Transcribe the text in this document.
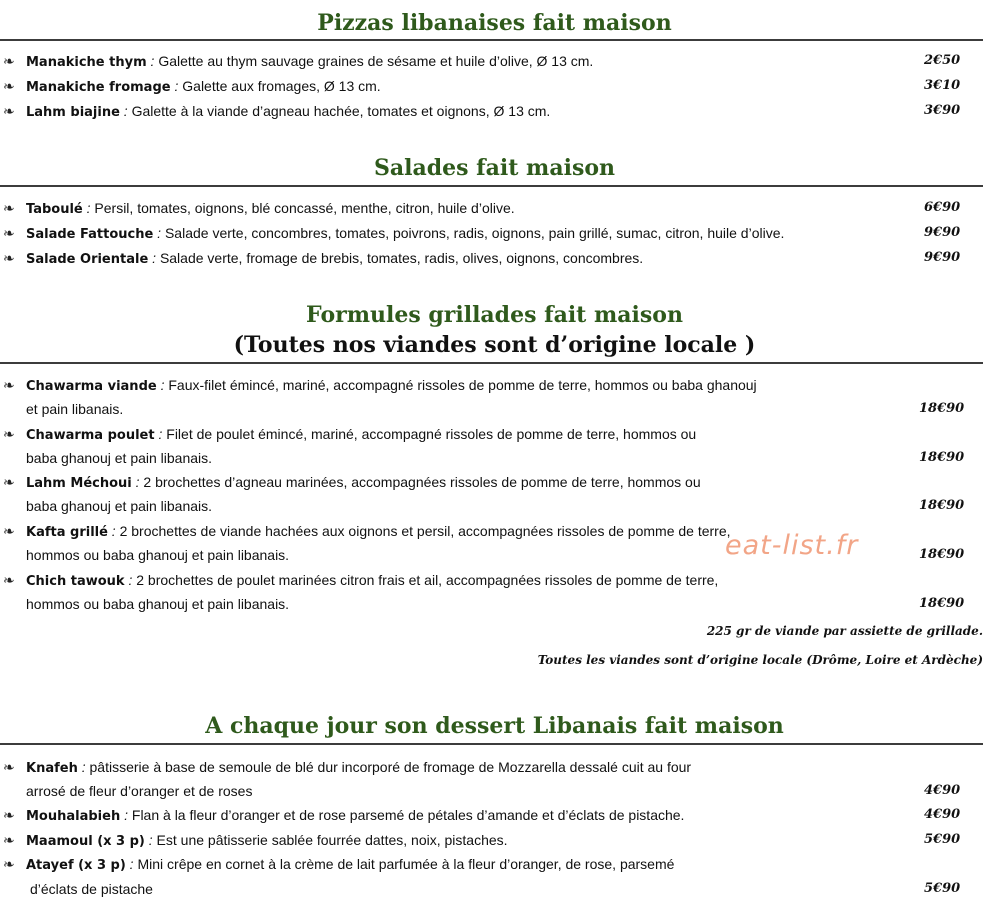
Pizzas libanaises fait maison
❧ Manakiche thym : Galette au thym sauvage graines de sésame et huile d’olive, Ø 13 cm.	2€50
❧ Manakiche fromage : Galette aux fromages, Ø 13 cm.	3€10
❧ Lahm biajine : Galette à la viande d’agneau hachée, tomates et oignons, Ø 13 cm.	3€90
Salades fait maison
❧ Taboulé : Persil, tomates, oignons, blé concassé, menthe, citron, huile d’olive.	6€90
❧ Salade Fattouche : Salade verte, concombres, tomates, poivrons, radis, oignons, pain grillé, sumac, citron, huile d’olive.	9€90
❧ Salade Orientale : Salade verte, fromage de brebis, tomates, radis, olives, oignons, concombres.	9€90
Formules grillades fait maison
(Toutes nos viandes sont d’origine locale )
❧ Chawarma viande : Faux-filet émincé, mariné, accompagné rissoles de pomme de terre, hommos ou baba ghanouj
et pain libanais.	18€90
❧ Chawarma poulet : Filet de poulet émincé, mariné, accompagné rissoles de pomme de terre, hommos ou
baba ghanouj et pain libanais.	18€90
❧ Lahm Méchoui : 2 brochettes d’agneau marinées, accompagnées rissoles de pomme de terre, hommos ou
baba ghanouj et pain libanais.	18€90
❧ Kafta grillé : 2 brochettes de viande hachées aux oignons et persil, accompagnées rissoles de pomme de terre,
hommos ou baba ghanouj et pain libanais.	18€90
❧ Chich tawouk : 2 brochettes de poulet marinées citron frais et ail, accompagnées rissoles de pomme de terre,
hommos ou baba ghanouj et pain libanais.	18€90
225 gr de viande par assiette de grillade.
Toutes les viandes sont d’origine locale (Drôme, Loire et Ardèche)
eat-list.fr
A chaque jour son dessert Libanais fait maison
❧ Knafeh : pâtisserie à base de semoule de blé dur incorporé de fromage de Mozzarella dessalé cuit au four
arrosé de fleur d’oranger et de roses	4€90
❧ Mouhalabieh : Flan à la fleur d’oranger et de rose parsemé de pétales d’amande et d’éclats de pistache.	4€90
❧ Maamoul (x 3 p) : Est une pâtisserie sablée fourrée dattes, noix, pistaches.	5€90
❧ Atayef (x 3 p) : Mini crêpe en cornet à la crème de lait parfumée à la fleur d’oranger, de rose, parsemé
d’éclats de pistache	5€90
